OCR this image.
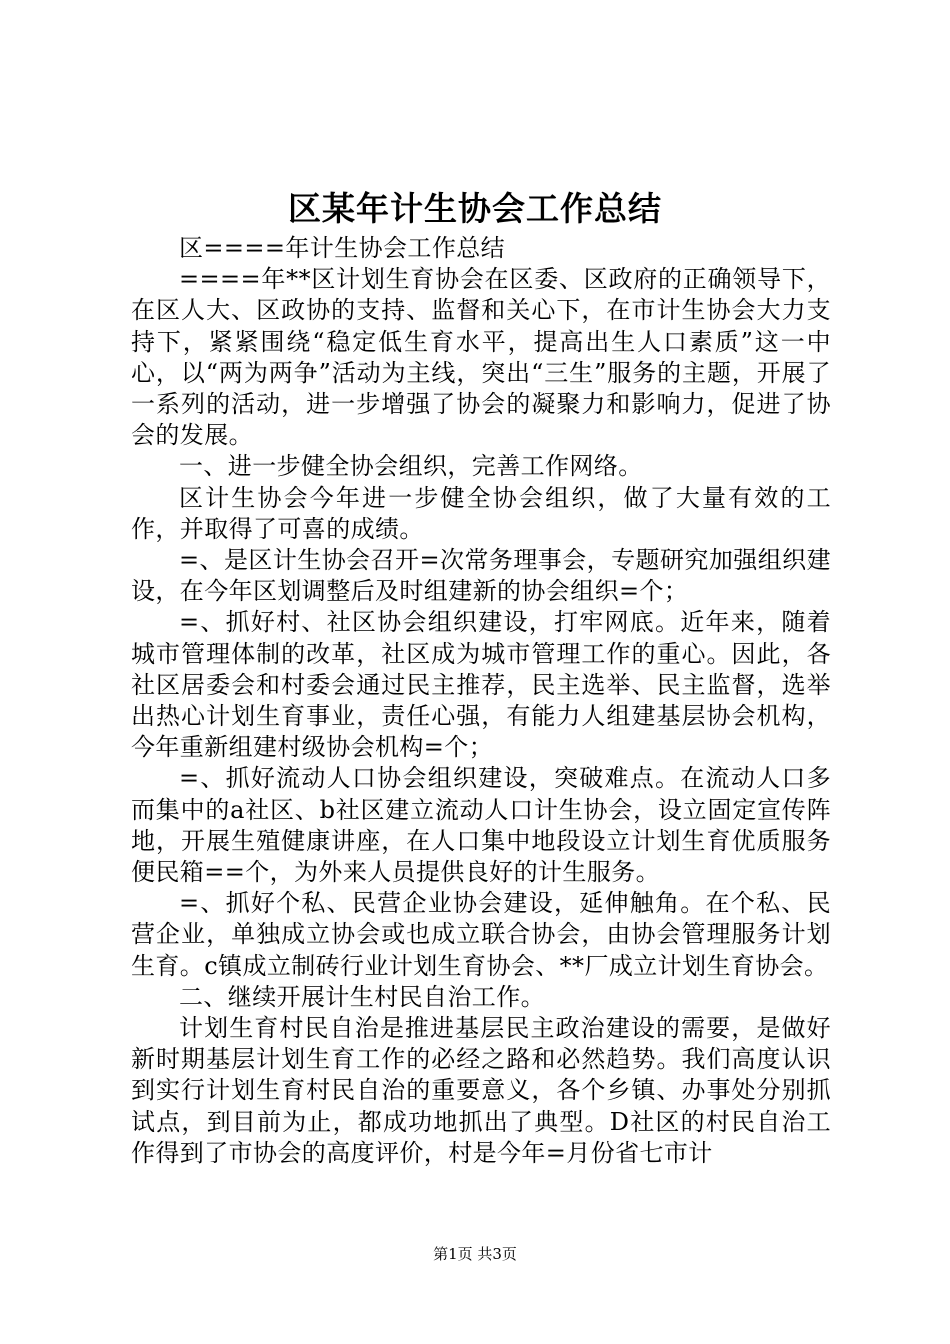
区某年计生协会工作总结

区====年计生协会工作总结

====年**区计划生育协会在区委、区政府的正确领导下，在区人大、区政协的支持、监督和关心下，在市计生协会大力支持下，紧紧围绕“稳定低生育水平，提高出生人口素质”这一中心，以“两为两争”活动为主线，突出“三生”服务的主题，开展了一系列的活动，进一步增强了协会的凝聚力和影响力，促进了协会的发展。

一、进一步健全协会组织，完善工作网络。

区计生协会今年进一步健全协会组织，做了大量有效的工作，并取得了可喜的成绩。

=、是区计生协会召开=次常务理事会，专题研究加强组织建设，在今年区划调整后及时组建新的协会组织=个；

=、抓好村、社区协会组织建设，打牢网底。近年来，随着城市管理体制的改革，社区成为城市管理工作的重心。因此，各社区居委会和村委会通过民主推荐，民主选举、民主监督，选举出热心计划生育事业，责任心强，有能力人组建基层协会机构，今年重新组建村级协会机构=个；

=、抓好流动人口协会组织建设，突破难点。在流动人口多而集中的a社区、b社区建立流动人口计生协会，设立固定宣传阵地，开展生殖健康讲座，在人口集中地段设立计划生育优质服务便民箱==个，为外来人员提供良好的计生服务。

=、抓好个私、民营企业协会建设，延伸触角。在个私、民营企业，单独成立协会或也成立联合协会，由协会管理服务计划生育。c镇成立制砖行业计划生育协会、**厂成立计划生育协会。

二、继续开展计生村民自治工作。

计划生育村民自治是推进基层民主政治建设的需要，是做好新时期基层计划生育工作的必经之路和必然趋势。我们高度认识到实行计划生育村民自治的重要意义，各个乡镇、办事处分别抓试点，到目前为止，都成功地抓出了典型。D社区的村民自治工作得到了市协会的高度评价，村是今年=月份省七市计

第1页 共3页
